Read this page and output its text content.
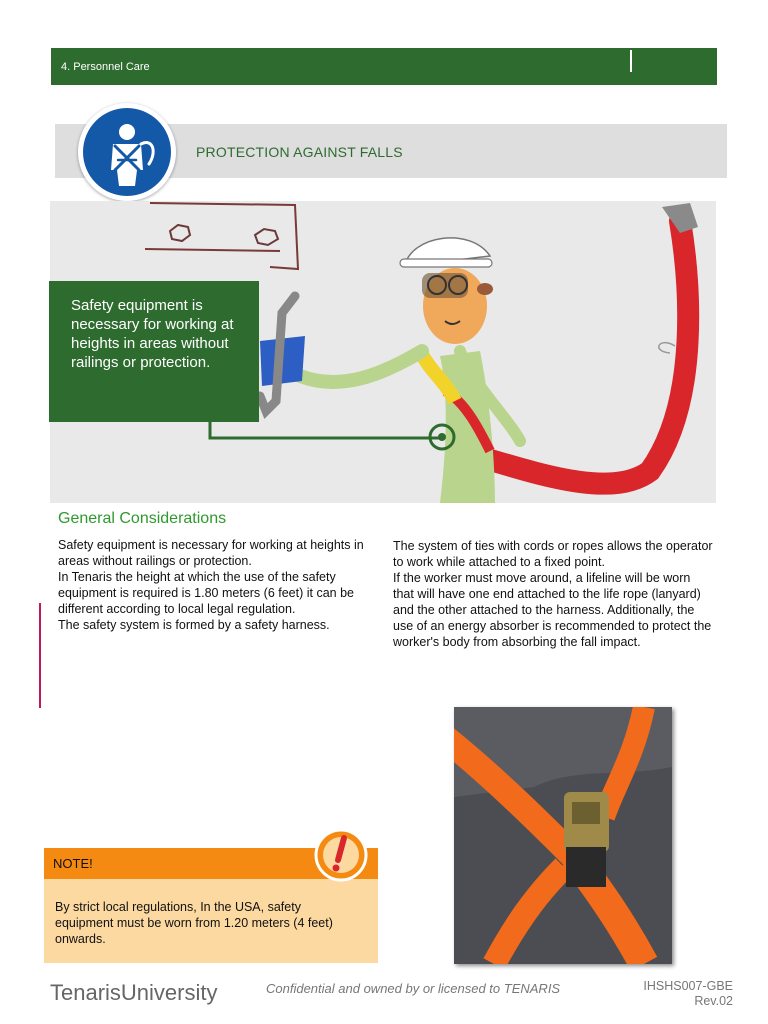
4. Personnel Care
PROTECTION AGAINST FALLS
Safety equipment is necessary for working at heights in areas without railings or protection.
General Considerations

Safety equipment is necessary for working at heights in areas without railings or protection.

In Tenaris the height at which the use of the safety equipment is required is 1.80 meters (6 feet) it can be different according to local legal regulation.

The safety system is formed by a safety harness.

The system of ties with cords or ropes allows the operator to work while attached to a fixed point.

If the worker must move around, a lifeline will be worn that will have one end attached to the life rope (lanyard) and the other attached to the harness. Additionally, the use of an energy absorber is recommended to protect the worker's body from absorbing the fall impact.

NOTE!
By strict local regulations, In the USA, safety equipment must be worn from 1.20 meters (4 feet) onwards.
TenarisUniversity	Confidential and owned by or licensed to TENARIS	IHSHS007-GBE
Rev.02
